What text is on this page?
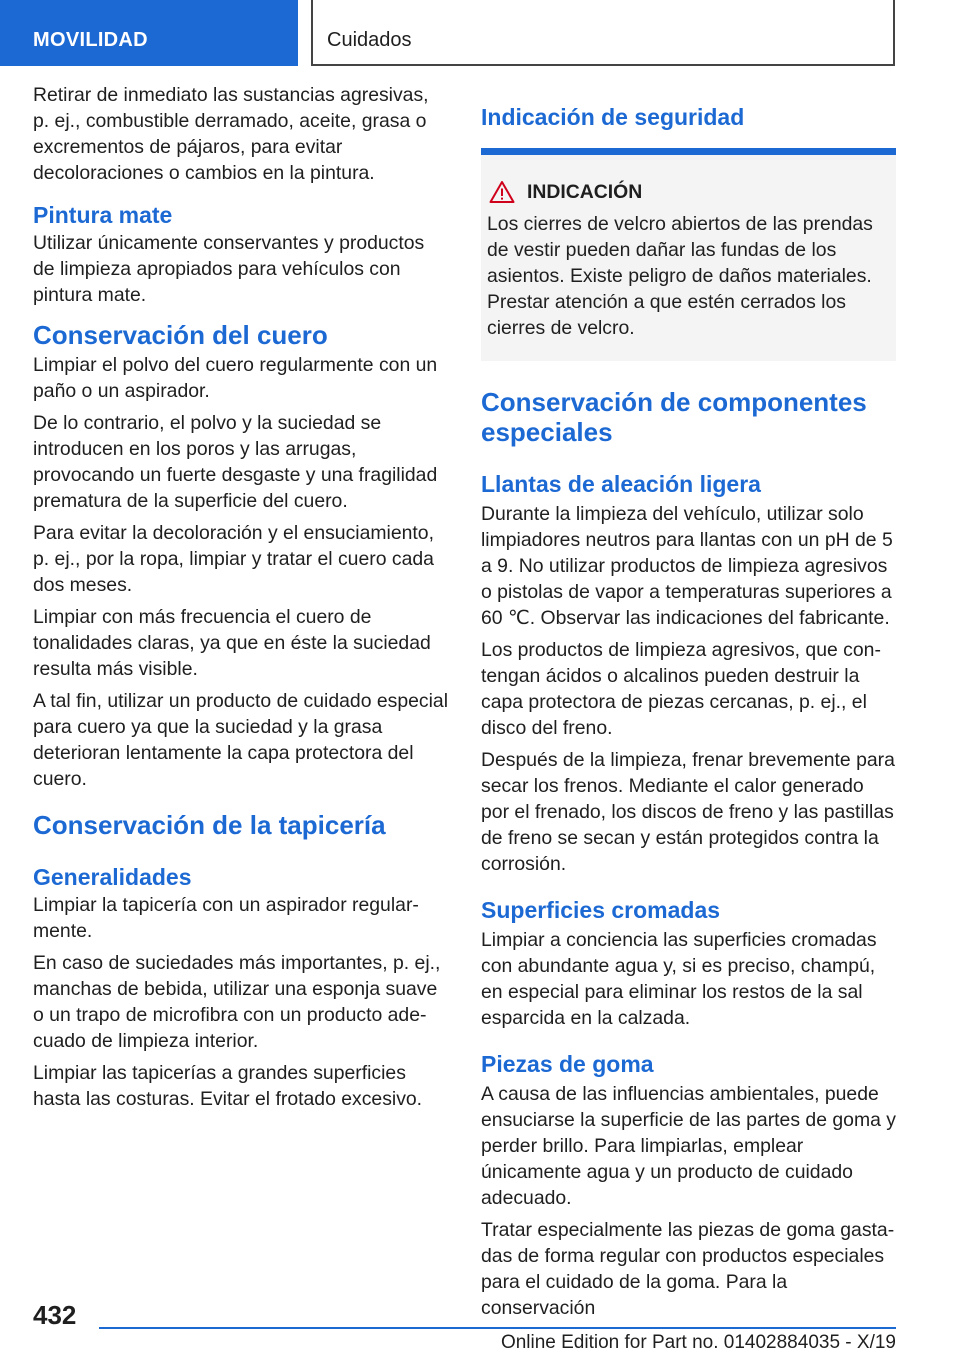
MOVILIDAD	Cuidados

Retirar de inmediato las sustancias agresivas, p. ej., combustible derramado, aceite, grasa o excrementos de pájaros, para evitar decoloraciones o cambios en la pintura.

Pintura mate

Utilizar únicamente conservantes y productos de limpieza apropiados para vehículos con pintura mate.

Conservación del cuero

Limpiar el polvo del cuero regularmente con un paño o un aspirador.

De lo contrario, el polvo y la suciedad se introducen en los poros y las arrugas, provocando un fuerte desgaste y una fragilidad prematura de la superficie del cuero.

Para evitar la decoloración y el ensuciamiento, p. ej., por la ropa, limpiar y tratar el cuero cada dos meses.

Limpiar con más frecuencia el cuero de tonalidades claras, ya que en éste la suciedad resulta más visible.

A tal fin, utilizar un producto de cuidado especial para cuero ya que la suciedad y la grasa deterioran lentamente la capa protectora del cuero.

Conservación de la tapicería
Generalidades

Limpiar la tapicería con un aspirador regularmente.

En caso de suciedades más importantes, p. ej., manchas de bebida, utilizar una esponja suave o un trapo de microfibra con un producto adecuado de limpieza interior.

Limpiar las tapicerías a grandes superficies hasta las costuras. Evitar el frotado excesivo.

Indicación de seguridad
INDICACIÓN

Los cierres de velcro abiertos de las prendas de vestir pueden dañar las fundas de los asientos. Existe peligro de daños materiales. Prestar atención a que estén cerrados los cierres de velcro.

Conservación de componentes especiales
Llantas de aleación ligera

Durante la limpieza del vehículo, utilizar solo limpiadores neutros para llantas con un pH de 5 a 9. No utilizar productos de limpieza agresivos o pistolas de vapor a temperaturas superiores a 60 ℃. Observar las indicaciones del fabricante.

Los productos de limpieza agresivos, que contengan ácidos o alcalinos pueden destruir la capa protectora de piezas cercanas, p. ej., el disco del freno.

Después de la limpieza, frenar brevemente para secar los frenos. Mediante el calor generado por el frenado, los discos de freno y las pastillas de freno se secan y están protegidos contra la corrosión.

Superficies cromadas

Limpiar a conciencia las superficies cromadas con abundante agua y, si es preciso, champú, en especial para eliminar los restos de la sal esparcida en la calzada.

Piezas de goma

A causa de las influencias ambientales, puede ensuciarse la superficie de las partes de goma y perder brillo. Para limpiarlas, emplear únicamente agua y un producto de cuidado adecuado.

Tratar especialmente las piezas de goma gastadas de forma regular con productos especiales para el cuidado de la goma. Para la conservación

432
Online Edition for Part no. 01402884035 - X/19
